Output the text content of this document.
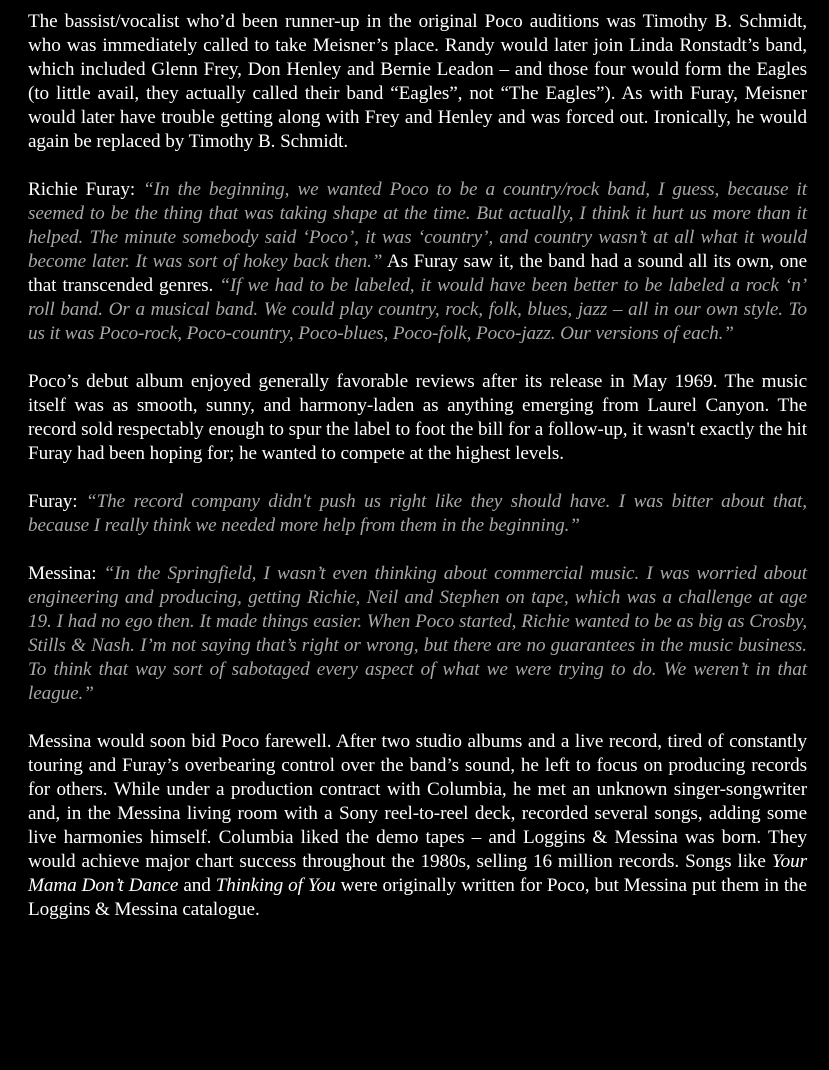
The bassist/vocalist who’d been runner-up in the original Poco auditions was Timothy B. Schmidt, who was immediately called to take Meisner’s place. Randy would later join Linda Ronstadt’s band, which included Glenn Frey, Don Henley and Bernie Leadon – and those four would form the Eagles (to little avail, they actually called their band “Eagles”, not “The Eagles”). As with Furay, Meisner would later have trouble getting along with Frey and Henley and was forced out. Ironically, he would again be replaced by Timothy B. Schmidt.

Richie Furay: “In the beginning, we wanted Poco to be a country/rock band, I guess, because it seemed to be the thing that was taking shape at the time. But actually, I think it hurt us more than it helped. The minute somebody said ‘Poco’, it was ‘country’, and country wasn’t at all what it would become later. It was sort of hokey back then.” As Furay saw it, the band had a sound all its own, one that transcended genres. “If we had to be labeled, it would have been better to be labeled a rock ‘n’ roll band. Or a musical band. We could play country, rock, folk, blues, jazz – all in our own style. To us it was Poco-rock, Poco-country, Poco-blues, Poco-folk, Poco-jazz. Our versions of each.”

Poco’s debut album enjoyed generally favorable reviews after its release in May 1969. The music itself was as smooth, sunny, and harmony-laden as anything emerging from Laurel Canyon. The record sold respectably enough to spur the label to foot the bill for a follow-up, it wasn't exactly the hit Furay had been hoping for; he wanted to compete at the highest levels.

Furay: “The record company didn't push us right like they should have. I was bitter about that, because I really think we needed more help from them in the beginning.”

Messina: “In the Springfield, I wasn’t even thinking about commercial music. I was worried about engineering and producing, getting Richie, Neil and Stephen on tape, which was a challenge at age 19. I had no ego then. It made things easier. When Poco started, Richie wanted to be as big as Crosby, Stills & Nash. I’m not saying that’s right or wrong, but there are no guarantees in the music business. To think that way sort of sabotaged every aspect of what we were trying to do. We weren’t in that league.”

Messina would soon bid Poco farewell. After two studio albums and a live record, tired of constantly touring and Furay’s overbearing control over the band’s sound, he left to focus on producing records for others. While under a production contract with Columbia, he met an unknown singer-songwriter and, in the Messina living room with a Sony reel-to-reel deck, recorded several songs, adding some live harmonies himself. Columbia liked the demo tapes – and Loggins & Messina was born. They would achieve major chart success throughout the 1980s, selling 16 million records. Songs like Your Mama Don’t Dance and Thinking of You were originally written for Poco, but Messina put them in the Loggins & Messina catalogue.
